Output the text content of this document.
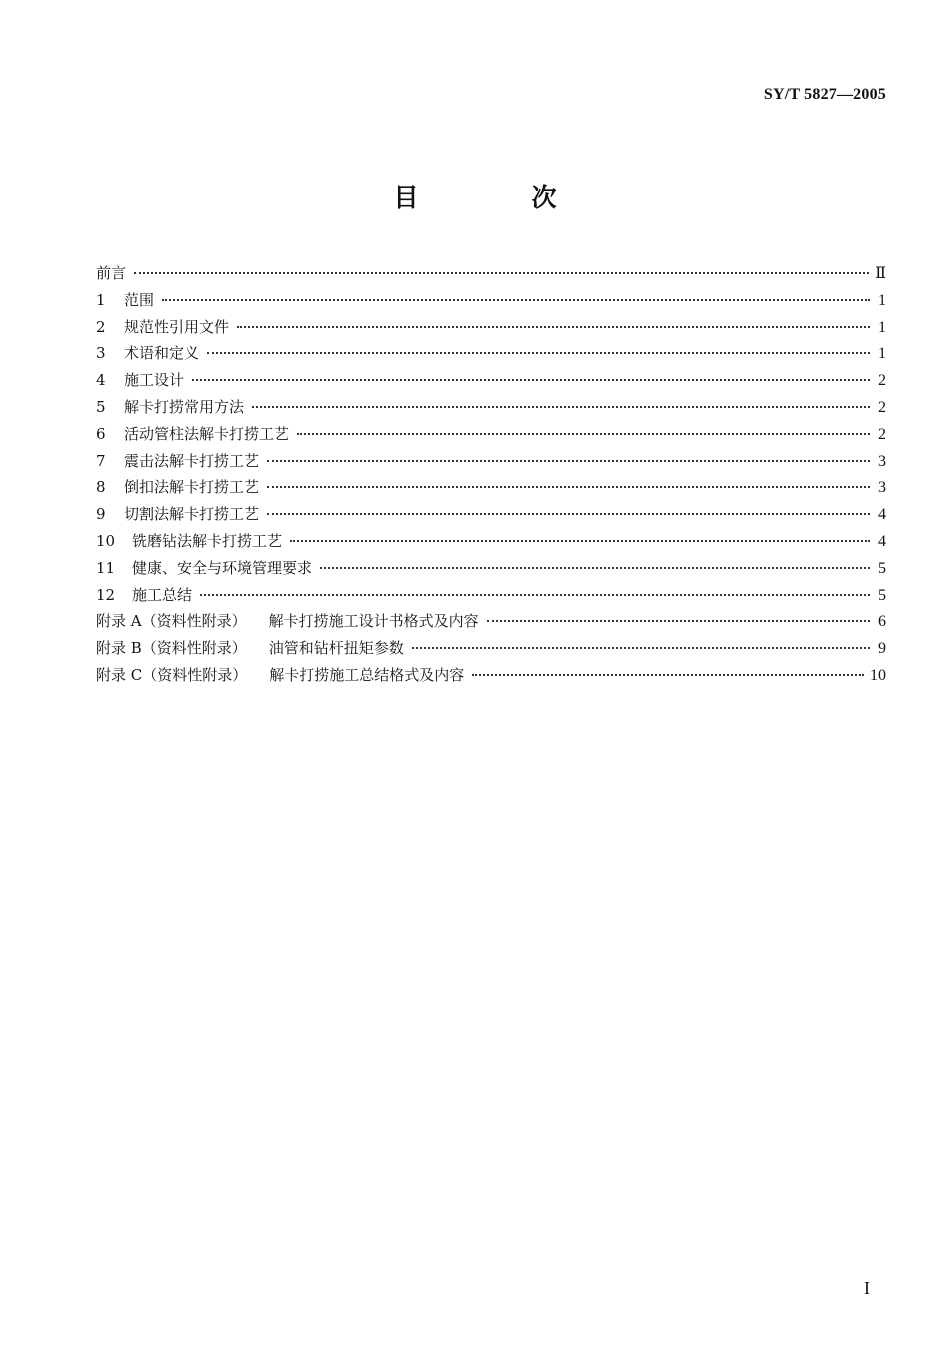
SY/T 5827—2005
目　次
前言	Ⅱ
1	范围	1
2	规范性引用文件	1
3	术语和定义	1
4	施工设计	2
5	解卡打捞常用方法	2
6	活动管柱法解卡打捞工艺	2
7	震击法解卡打捞工艺	3
8	倒扣法解卡打捞工艺	3
9	切割法解卡打捞工艺	4
10	铣磨钻法解卡打捞工艺	4
11	健康、安全与环境管理要求	5
12	施工总结	5
附录 A（资料性附录） 解卡打捞施工设计书格式及内容	6
附录 B（资料性附录） 油管和钻杆扭矩参数	9
附录 C（资料性附录） 解卡打捞施工总结格式及内容	10
I
